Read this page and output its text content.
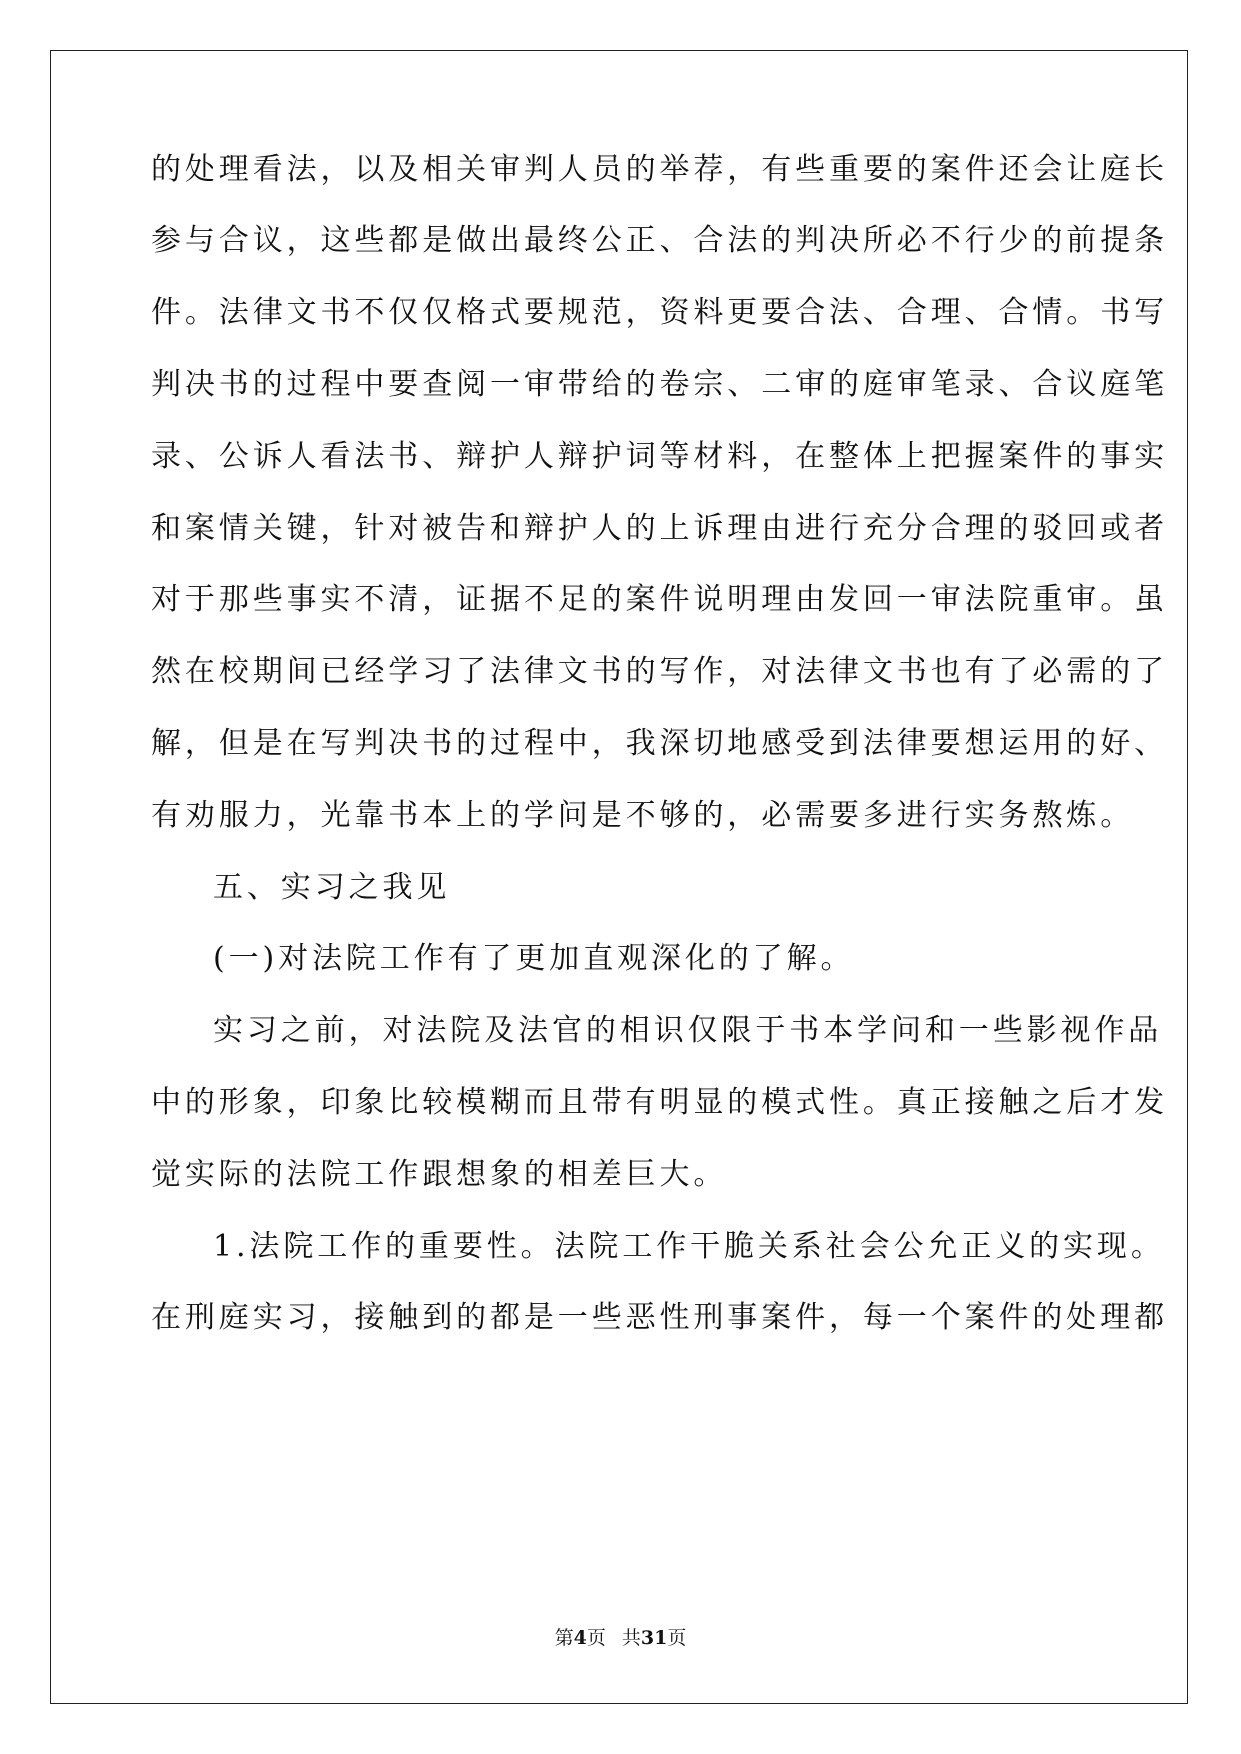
的处理看法，以及相关审判人员的举荐，有些重要的案件还会让庭长
参与合议，这些都是做出最终公正、合法的判决所必不行少的前提条
件。法律文书不仅仅格式要规范，资料更要合法、合理、合情。书写
判决书的过程中要查阅一审带给的卷宗、二审的庭审笔录、合议庭笔
录、公诉人看法书、辩护人辩护词等材料，在整体上把握案件的事实
和案情关键，针对被告和辩护人的上诉理由进行充分合理的驳回或者
对于那些事实不清，证据不足的案件说明理由发回一审法院重审。虽
然在校期间已经学习了法律文书的写作，对法律文书也有了必需的了
解，但是在写判决书的过程中，我深切地感受到法律要想运用的好、
有劝服力，光靠书本上的学问是不够的，必需要多进行实务熬炼。
五、实习之我见
(一)对法院工作有了更加直观深化的了解。
实习之前，对法院及法官的相识仅限于书本学问和一些影视作品
中的形象，印象比较模糊而且带有明显的模式性。真正接触之后才发
觉实际的法院工作跟想象的相差巨大。
1.法院工作的重要性。法院工作干脆关系社会公允正义的实现。
在刑庭实习，接触到的都是一些恶性刑事案件，每一个案件的处理都
第4页 共31页
